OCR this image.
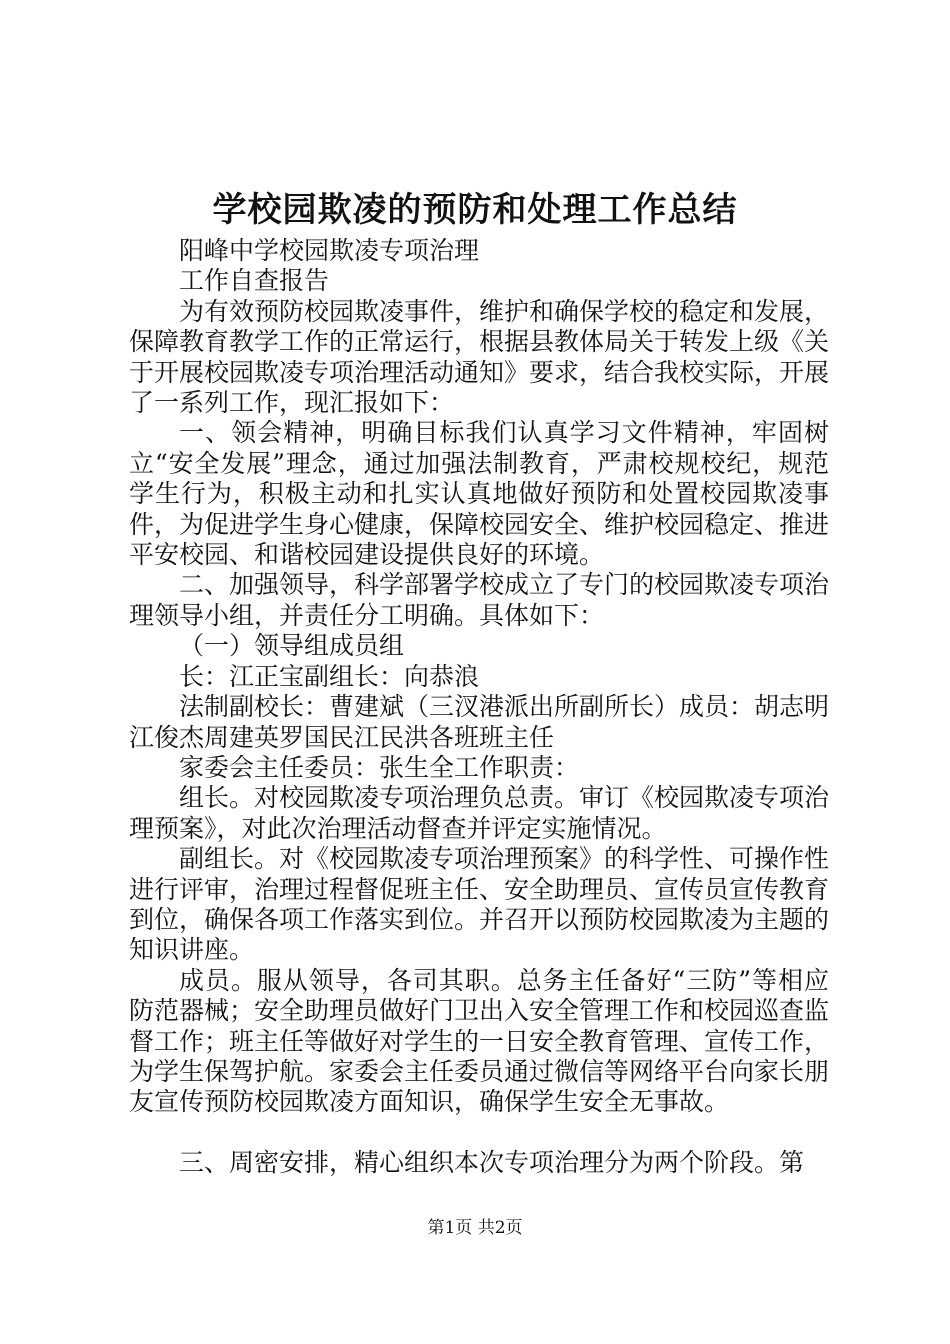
学校园欺凌的预防和处理工作总结

阳峰中学校园欺凌专项治理

工作自查报告

为有效预防校园欺凌事件，维护和确保学校的稳定和发展，保障教育教学工作的正常运行，根据县教体局关于转发上级《关于开展校园欺凌专项治理活动通知》要求，结合我校实际，开展了一系列工作，现汇报如下：

一、领会精神，明确目标我们认真学习文件精神，牢固树立“安全发展”理念，通过加强法制教育，严肃校规校纪，规范学生行为，积极主动和扎实认真地做好预防和处置校园欺凌事件，为促进学生身心健康，保障校园安全、维护校园稳定、推进平安校园、和谐校园建设提供良好的环境。

二、加强领导，科学部署学校成立了专门的校园欺凌专项治理领导小组，并责任分工明确。具体如下：

（一）领导组成员组

长：江正宝副组长：向恭浪

法制副校长：曹建斌（三汊港派出所副所长）成员：胡志明江俊杰周建英罗国民江民洪各班班主任

家委会主任委员：张生全工作职责：

组长。对校园欺凌专项治理负总责。审订《校园欺凌专项治理预案》，对此次治理活动督查并评定实施情况。

副组长。对《校园欺凌专项治理预案》的科学性、可操作性进行评审，治理过程督促班主任、安全助理员、宣传员宣传教育到位，确保各项工作落实到位。并召开以预防校园欺凌为主题的知识讲座。

成员。服从领导，各司其职。总务主任备好“三防”等相应防范器械；安全助理员做好门卫出入安全管理工作和校园巡查监督工作；班主任等做好对学生的一日安全教育管理、宣传工作，为学生保驾护航。家委会主任委员通过微信等网络平台向家长朋友宣传预防校园欺凌方面知识，确保学生安全无事故。

三、周密安排，精心组织本次专项治理分为两个阶段。第

第1页 共2页
